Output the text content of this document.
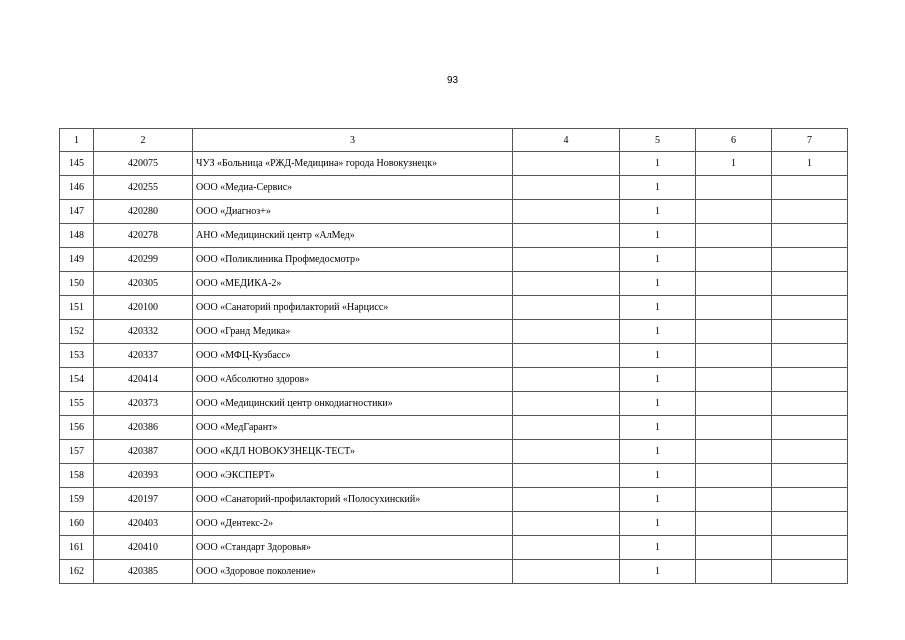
93
1	2	3	4	5	6	7
145	420075	ЧУЗ «Больница «РЖД-Медицина» города Новокузнецк»		1	1	1
146	420255	ООО «Медиа-Сервис»		1		
147	420280	ООО «Диагноз+»		1		
148	420278	АНО «Медицинский центр «АлМед»		1		
149	420299	ООО «Поликлиника Профмедосмотр»		1		
150	420305	ООО «МЕДИКА-2»		1		
151	420100	ООО «Санаторий профилакторий «Нарцисс»		1		
152	420332	ООО «Гранд Медика»		1		
153	420337	ООО «МФЦ-Кузбасс»		1		
154	420414	ООО «Абсолютно здоров»		1		
155	420373	ООО «Медицинский центр онкодиагностики»		1		
156	420386	ООО «МедГарант»		1		
157	420387	ООО «КДЛ НОВОКУЗНЕЦК-ТЕСТ»		1		
158	420393	ООО «ЭКСПЕРТ»		1		
159	420197	ООО «Санаторий-профилакторий «Полосухинский»		1		
160	420403	ООО «Дентекс-2»		1		
161	420410	ООО «Стандарт Здоровья»		1		
162	420385	ООО «Здоровое поколение»		1		
